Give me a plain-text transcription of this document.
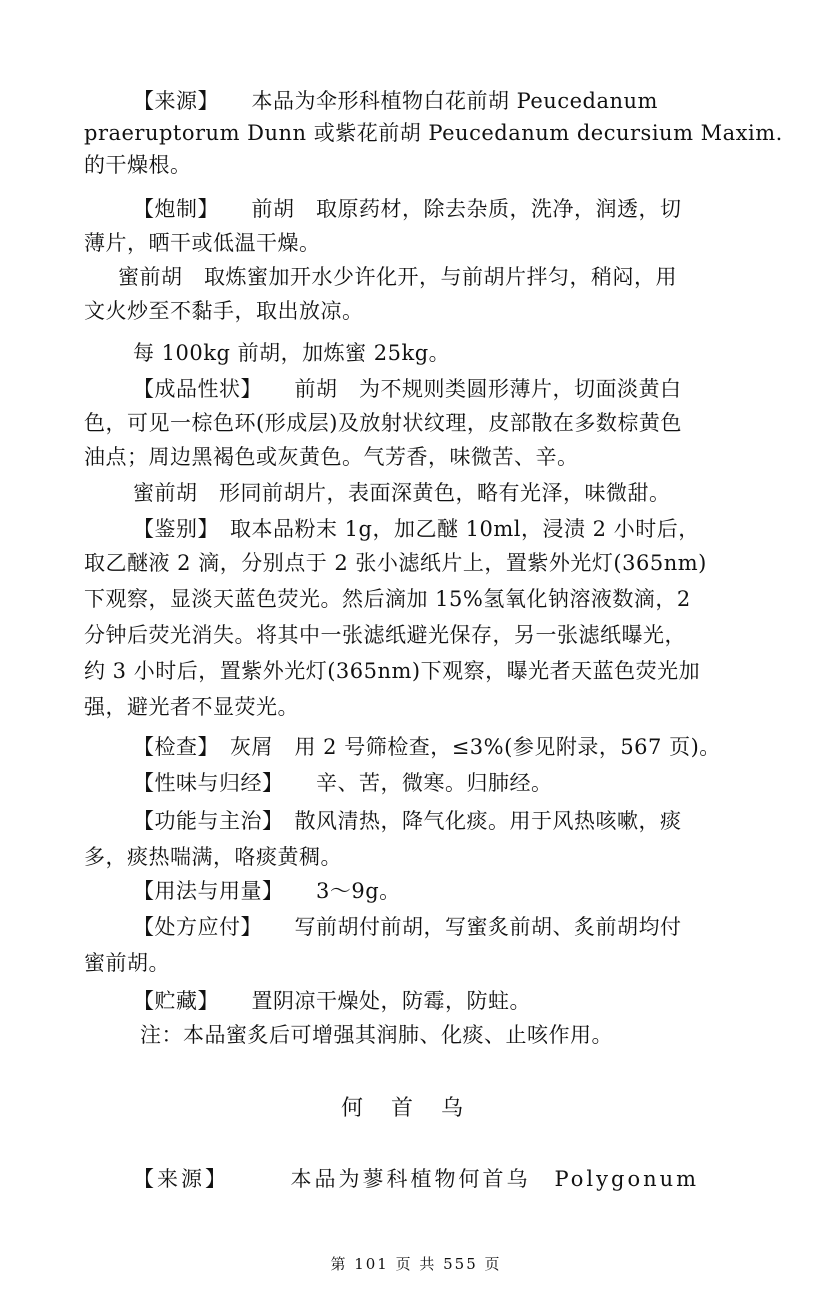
【来源】　　本品为伞形科植物白花前胡 Peucedanum
praeruptorum Dunn 或紫花前胡 Peucedanum decursium Maxim.
的干燥根。
【炮制】　　前胡　取原药材，除去杂质，洗净，润透，切
薄片，晒干或低温干燥。
蜜前胡　取炼蜜加开水少许化开，与前胡片拌匀，稍闷，用
文火炒至不黏手，取出放凉。
每 100kg 前胡，加炼蜜 25kg。
【成品性状】　　前胡　为不规则类圆形薄片，切面淡黄白
色，可见一棕色环(形成层)及放射状纹理，皮部散在多数棕黄色
油点；周边黑褐色或灰黄色。气芳香，味微苦、辛。
蜜前胡　形同前胡片，表面深黄色，略有光泽，味微甜。
【鉴别】　取本品粉末 1g，加乙醚 10ml，浸渍 2 小时后，
取乙醚液 2 滴，分别点于 2 张小滤纸片上，置紫外光灯(365nm)
下观察，显淡天蓝色荧光。然后滴加 15%氢氧化钠溶液数滴，2
分钟后荧光消失。将其中一张滤纸避光保存，另一张滤纸曝光，
约 3 小时后，置紫外光灯(365nm)下观察，曝光者天蓝色荧光加
强，避光者不显荧光。
【检查】　灰屑　用 2 号筛检查，≤3%(参见附录，567 页)。
【性味与归经】　　辛、苦，微寒。归肺经。
【功能与主治】　散风清热，降气化痰。用于风热咳嗽，痰
多，痰热喘满，咯痰黄稠。
【用法与用量】　　3～9g。
【处方应付】　　写前胡付前胡，写蜜炙前胡、炙前胡均付
蜜前胡。
【贮藏】　　置阴凉干燥处，防霉，防蛀。
注：本品蜜炙后可增强其润肺、化痰、止咳作用。
何首乌
【来源】　　　本品为蓼科植物何首乌　Polygonum
第 101 页 共 555 页
